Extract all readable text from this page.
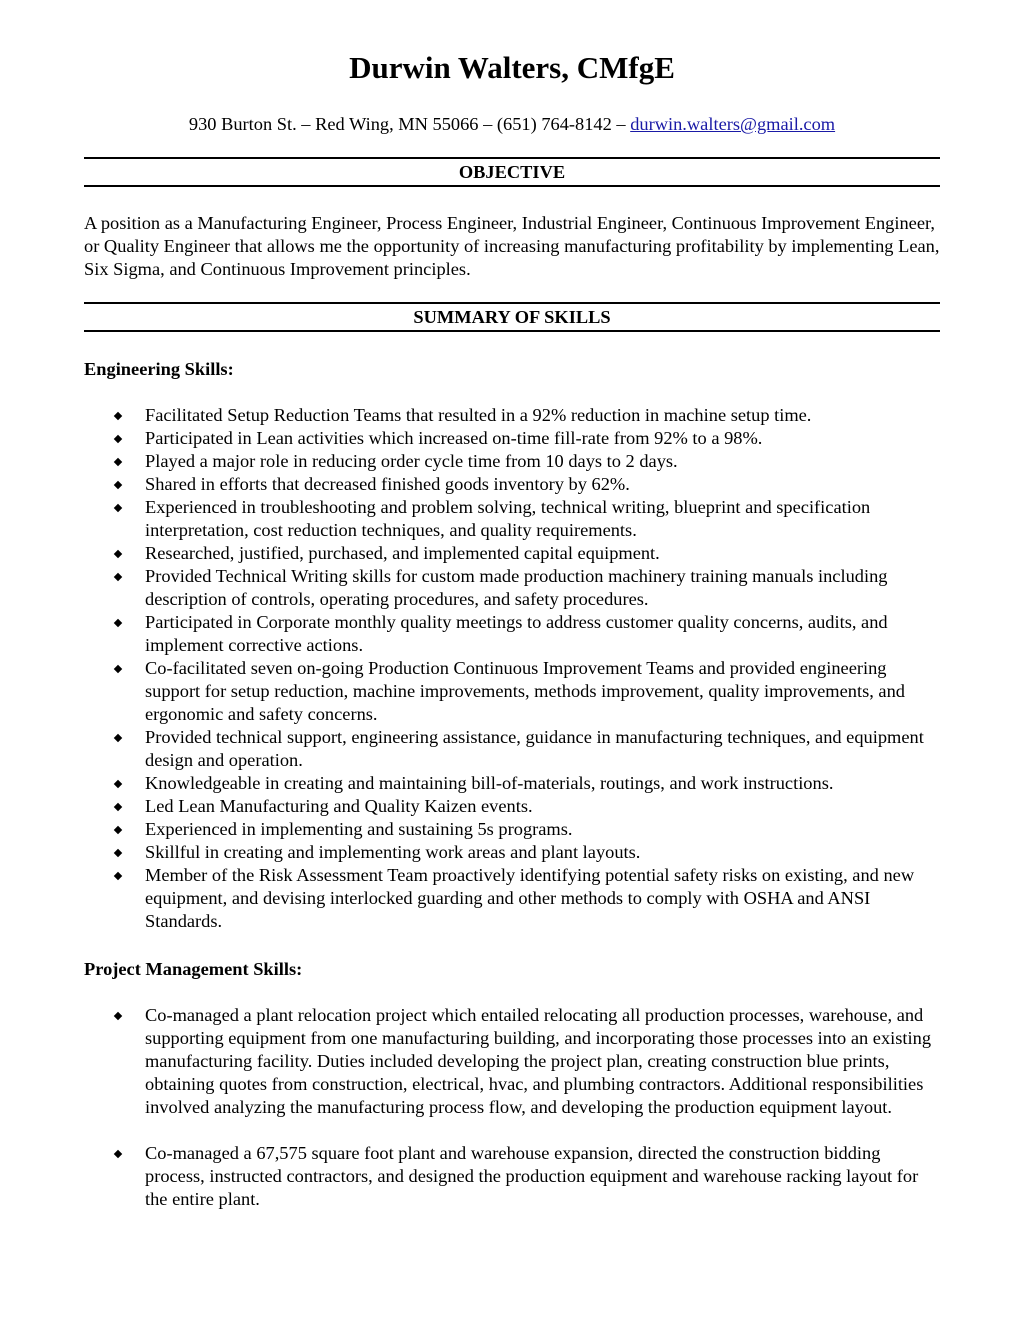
Durwin Walters, CMfgE
930 Burton St. – Red Wing, MN 55066 – (651) 764-8142 – durwin.walters@gmail.com
OBJECTIVE

A position as a Manufacturing Engineer, Process Engineer, Industrial Engineer, Continuous Improvement Engineer, or Quality Engineer that allows me the opportunity of increasing manufacturing profitability by implementing Lean, Six Sigma, and Continuous Improvement principles.

SUMMARY OF SKILLS

Engineering Skills:

Facilitated Setup Reduction Teams that resulted in a 92% reduction in machine setup time.
Participated in Lean activities which increased on-time fill-rate from 92% to a 98%.
Played a major role in reducing order cycle time from 10 days to 2 days.
Shared in efforts that decreased finished goods inventory by 62%.
Experienced in troubleshooting and problem solving, technical writing, blueprint and specification interpretation, cost reduction techniques, and quality requirements.
Researched, justified, purchased, and implemented capital equipment.
Provided Technical Writing skills for custom made production machinery training manuals including description of controls, operating procedures, and safety procedures.
Participated in Corporate monthly quality meetings to address customer quality concerns, audits, and implement corrective actions.
Co-facilitated seven on-going Production Continuous Improvement Teams and provided engineering support for setup reduction, machine improvements, methods improvement, quality improvements, and ergonomic and safety concerns.
Provided technical support, engineering assistance, guidance in manufacturing techniques, and equipment design and operation.
Knowledgeable in creating and maintaining bill-of-materials, routings, and work instructions.
Led Lean Manufacturing and Quality Kaizen events.
Experienced in implementing and sustaining 5s programs.
Skillful in creating and implementing work areas and plant layouts.
Member of the Risk Assessment Team proactively identifying potential safety risks on existing, and new equipment, and devising interlocked guarding and other methods to comply with OSHA and ANSI Standards.

Project Management Skills:

Co-managed a plant relocation project which entailed relocating all production processes, warehouse, and supporting equipment from one manufacturing building, and incorporating those processes into an existing manufacturing facility. Duties included developing the project plan, creating construction blue prints, obtaining quotes from construction, electrical, hvac, and plumbing contractors. Additional responsibilities involved analyzing the manufacturing process flow, and developing the production equipment layout.
Co-managed a 67,575 square foot plant and warehouse expansion, directed the construction bidding process, instructed contractors, and designed the production equipment and warehouse racking layout for the entire plant.
